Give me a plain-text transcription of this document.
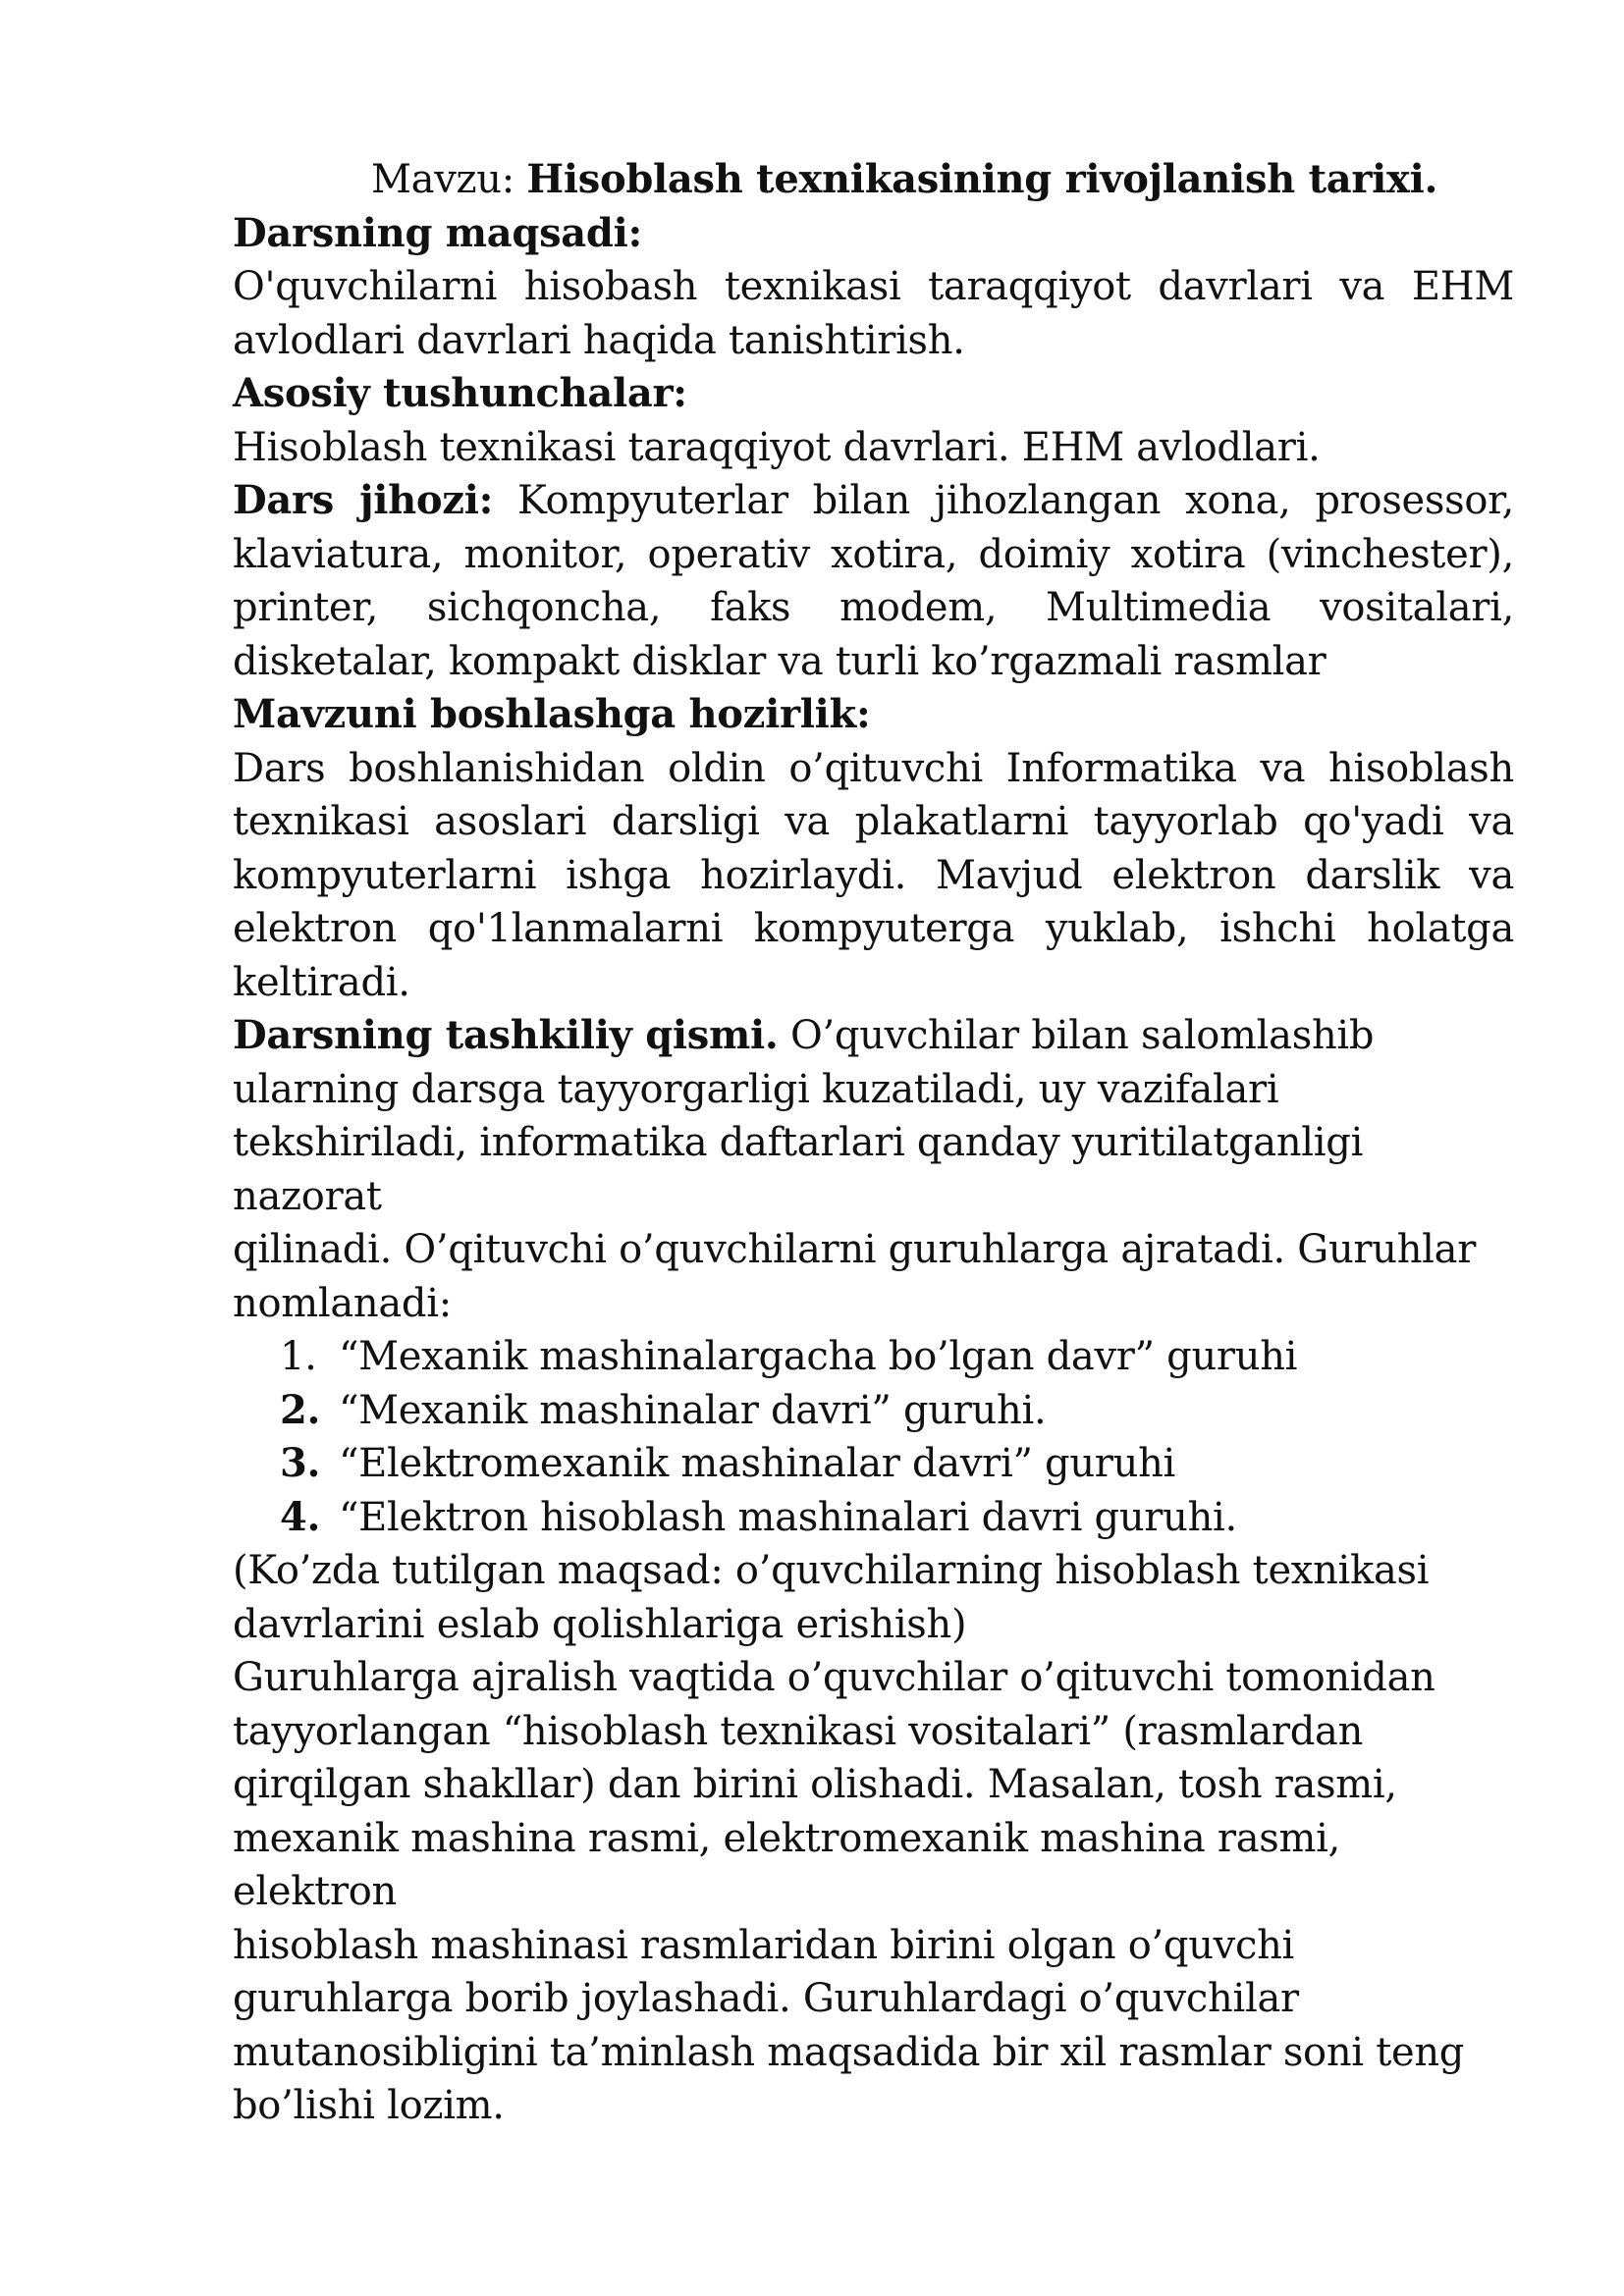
Mavzu: Hisoblash texnikasining rivojlanish tarixi.

Darsning maqsadi:

O'quvchilarni hisobash texnikasi taraqqiyot davrlari va EHM avlodlari davrlari haqida tanishtirish.

Asosiy tushunchalar:

Hisoblash texnikasi taraqqiyot davrlari. EHM avlodlari.

Dars jihozi: Kompyuterlar bilan jihozlangan xona, prosessor, klaviatura, monitor, operativ xotira, doimiy xotira (vinchester), printer, sichqoncha, faks modem, Multimedia vositalari, disketalar, kompakt disklar va turli ko’rgazmali rasmlar

Mavzuni boshlashga hozirlik:

Dars boshlanishidan oldin o’qituvchi Informatika va hisoblash texnikasi asoslari darsligi va plakatlarni tayyorlab qo'yadi va kompyuterlarni ishga hozirlaydi. Mavjud elektron darslik va elektron qo'1lanmalarni kompyuterga yuklab, ishchi holatga keltiradi.

Darsning tashkiliy qismi. O’quvchilar bilan salomlashib

ularning darsga tayyorgarligi kuzatiladi, uy vazifalari

tekshiriladi, informatika daftarlari qanday yuritilatganligi nazorat

qilinadi. O’qituvchi o’quvchilarni guruhlarga ajratadi. Guruhlar

nomlanadi:

1. “Mexanik mashinalargacha bo’lgan davr” guruhi
2. “Mexanik mashinalar davri” guruhi.
3. “Elektromexanik mashinalar davri” guruhi
4. “Elektron hisoblash mashinalari davri guruhi.

(Ko’zda tutilgan maqsad: o’quvchilarning hisoblash texnikasi

davrlarini eslab qolishlariga erishish)

Guruhlarga ajralish vaqtida o’quvchilar o’qituvchi tomonidan

tayyorlangan “hisoblash texnikasi vositalari” (rasmlardan

qirqilgan shakllar) dan birini olishadi. Masalan, tosh rasmi,

mexanik mashina rasmi, elektromexanik mashina rasmi, elektron

hisoblash mashinasi rasmlaridan birini olgan o’quvchi

guruhlarga borib joylashadi. Guruhlardagi o’quvchilar

mutanosibligini ta’minlash maqsadida bir xil rasmlar soni teng

bo’lishi lozim.
